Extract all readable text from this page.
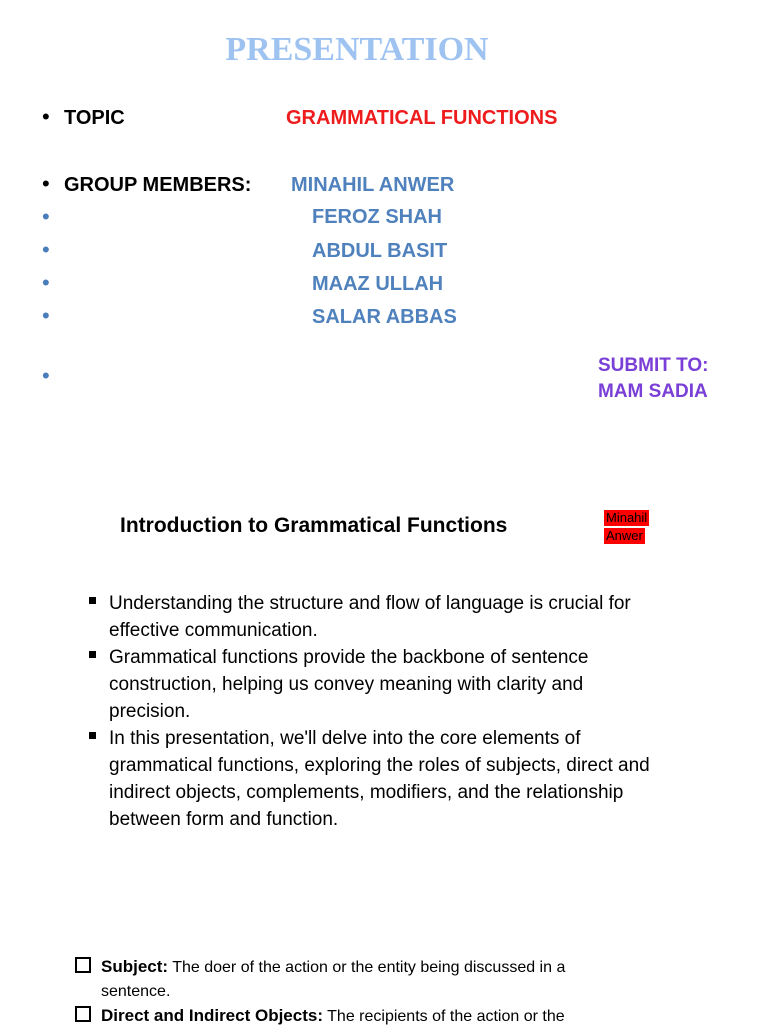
PRESENTATION
• TOPIC	GRAMMATICAL FUNCTIONS
• GROUP MEMBERS: MINAHIL ANWER
•	FEROZ SHAH
•	ABDUL BASIT
•	MAAZ ULLAH
•	SALAR ABBAS
•	SUBMIT TO:
MAM SADIA
Introduction to Grammatical Functions	Minahil
Anwer
Understanding the structure and flow of language is crucial for
effective communication.
Grammatical functions provide the backbone of sentence
construction, helping us convey meaning with clarity and
precision.
In this presentation, we'll delve into the core elements of
grammatical functions, exploring the roles of subjects, direct and
indirect objects, complements, modifiers, and the relationship
between form and function.
Subject: The doer of the action or the entity being discussed in a
sentence.
Direct and Indirect Objects: The recipients of the action or the
